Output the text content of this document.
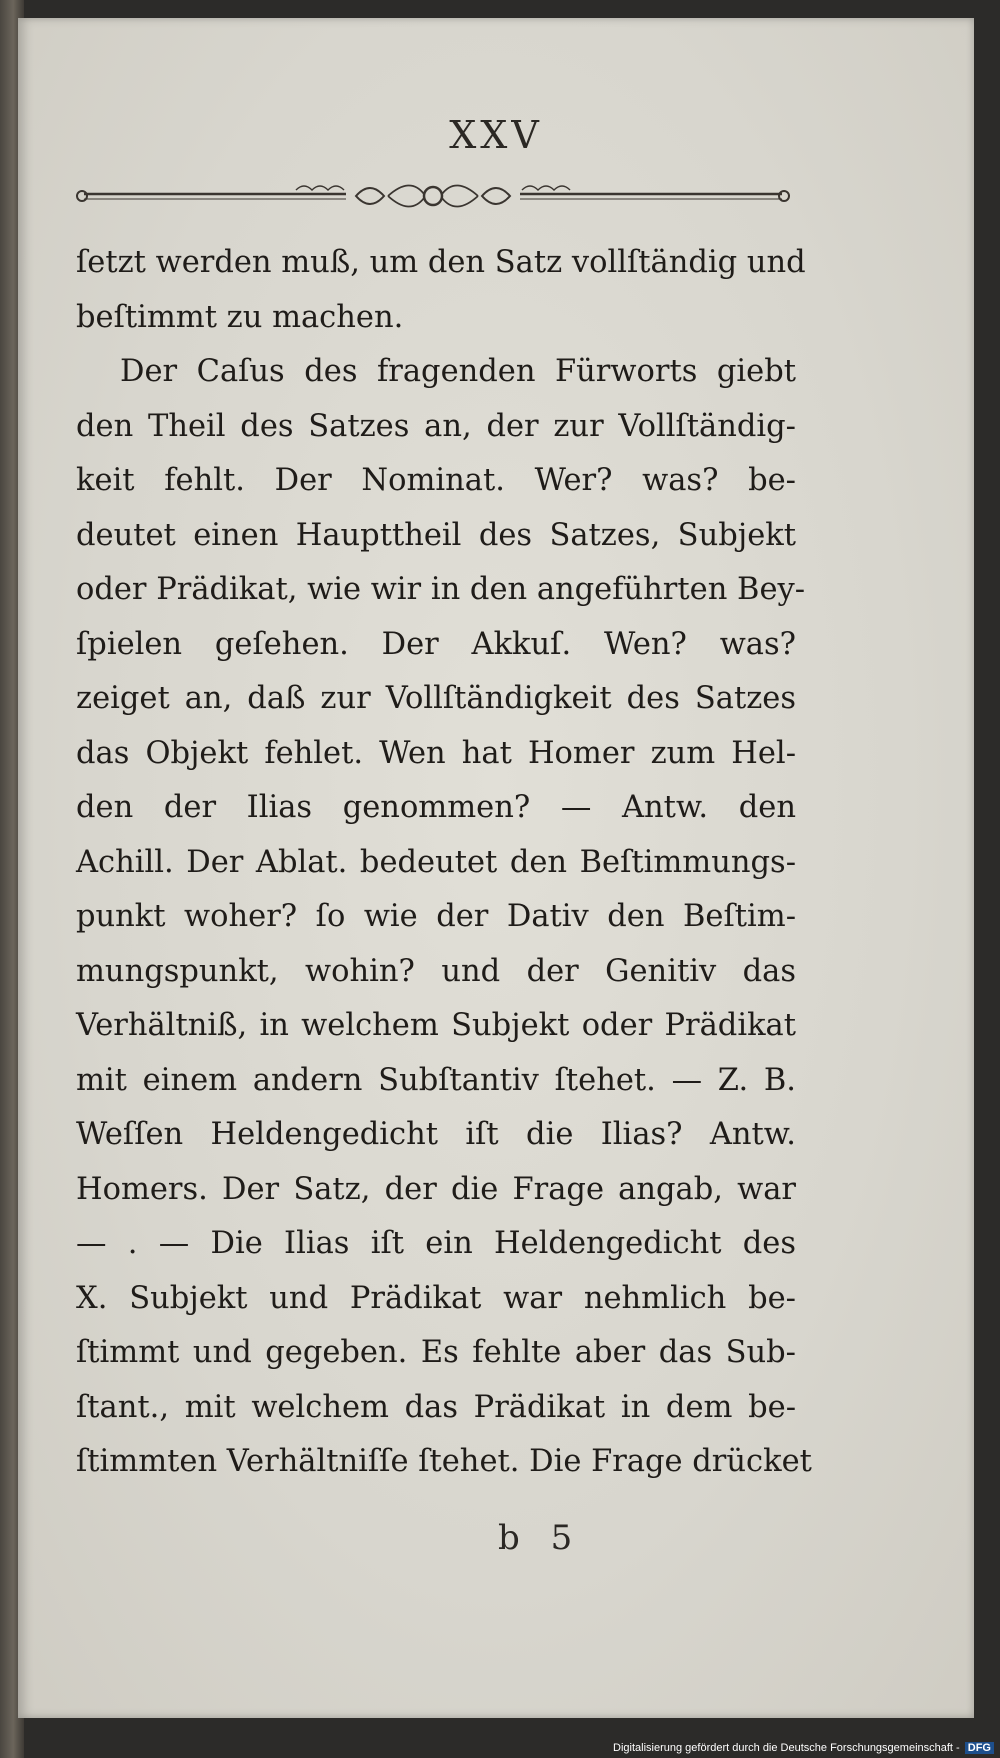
XXV
ſetzt werden muß, um den Satz vollſtändig und
beſtimmt zu machen.
Der Caſus des fragenden Fürworts giebt
den Theil des Satzes an, der zur Vollſtändig-
keit fehlt. Der Nominat. Wer? was? be-
deutet einen Haupttheil des Satzes, Subjekt
oder Prädikat, wie wir in den angeführten Bey-
ſpielen geſehen. Der Akkuſ. Wen? was?
zeiget an, daß zur Vollſtändigkeit des Satzes
das Objekt fehlet. Wen hat Homer zum Hel-
den der Ilias genommen? — Antw. den
Achill. Der Ablat. bedeutet den Beſtimmungs-
punkt woher? ſo wie der Dativ den Beſtim-
mungspunkt, wohin? und der Genitiv das
Verhältniß, in welchem Subjekt oder Prädikat
mit einem andern Subſtantiv ſtehet. — Z. B.
Weſſen Heldengedicht iſt die Ilias? Antw.
Homers. Der Satz, der die Frage angab, war
— . — Die Ilias iſt ein Heldengedicht des
X. Subjekt und Prädikat war nehmlich be-
ſtimmt und gegeben. Es fehlte aber das Sub-
ſtant., mit welchem das Prädikat in dem be-
ſtimmten Verhältniſſe ſtehet. Die Frage drücket
b 5
Digitalisierung gefördert durch die Deutsche Forschungsgemeinschaft - DFG
